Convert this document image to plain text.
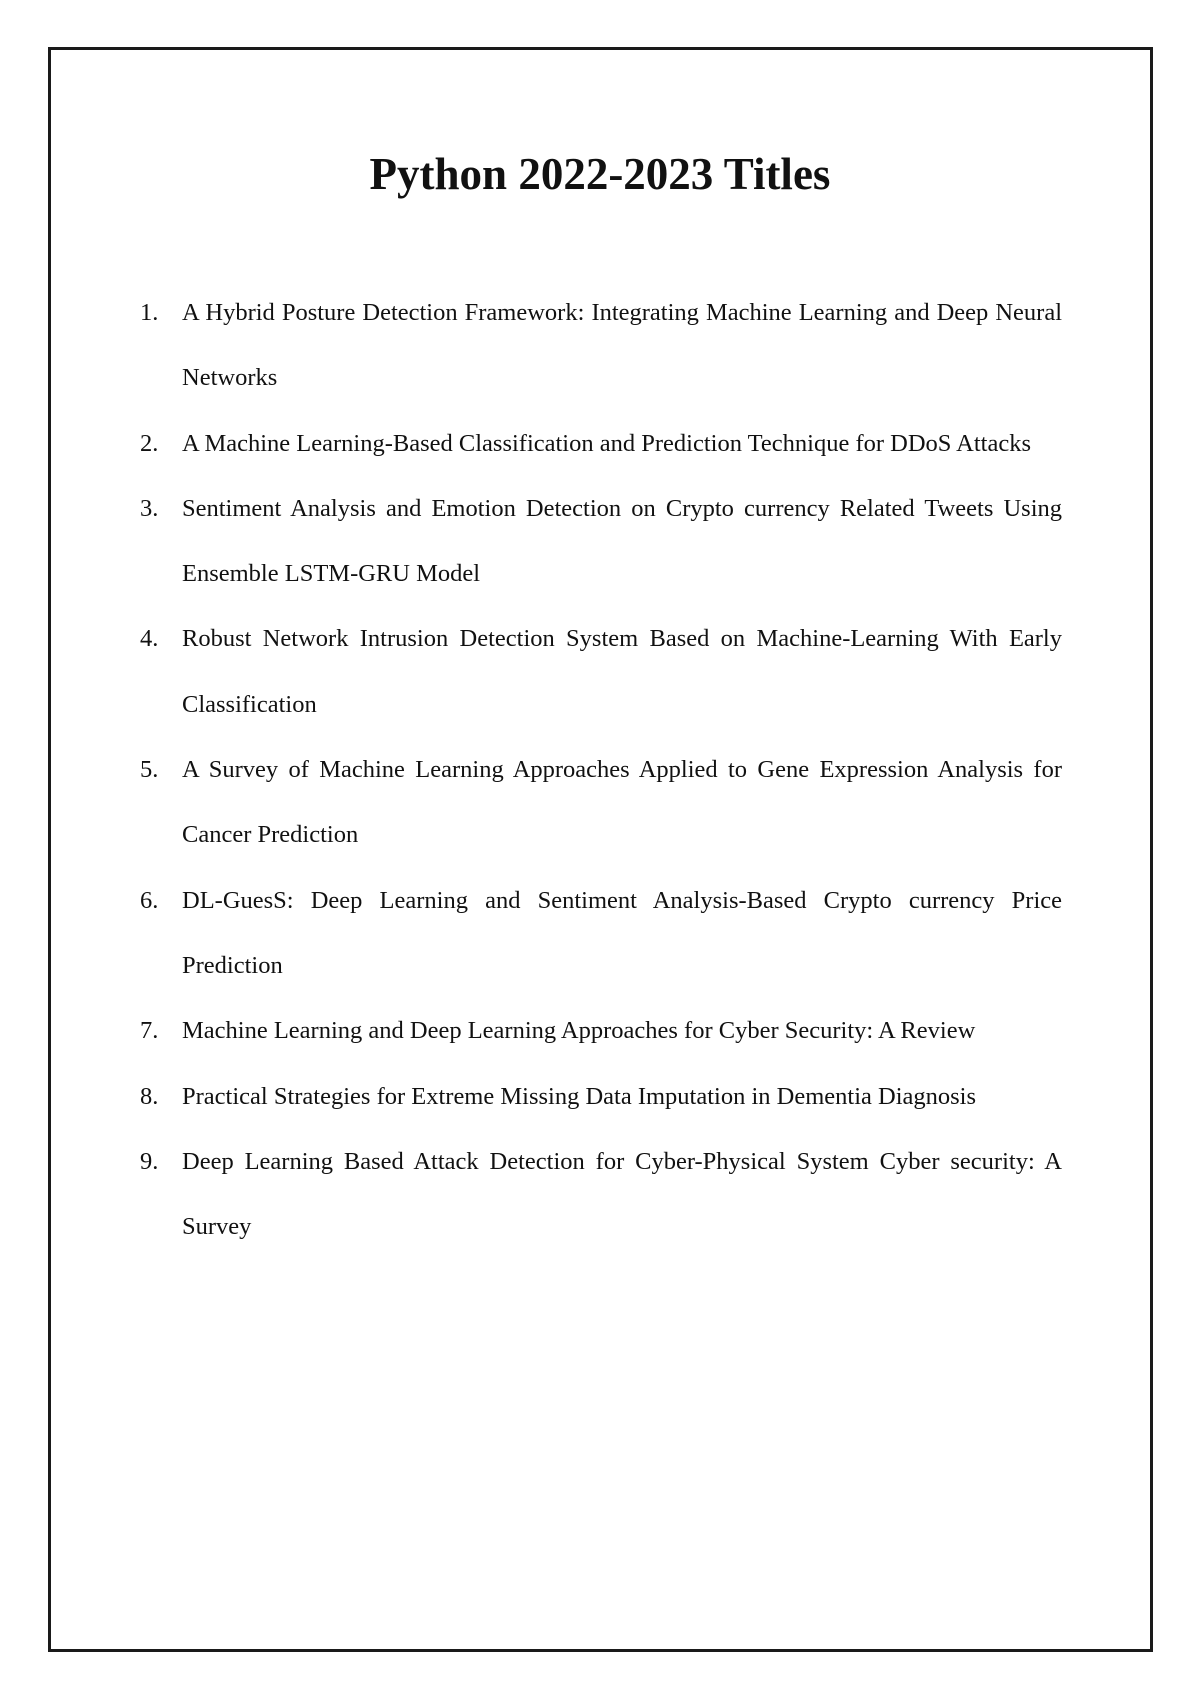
Python 2022-2023 Titles
1. A Hybrid Posture Detection Framework: Integrating Machine Learning and Deep Neural Networks
2. A Machine Learning-Based Classification and Prediction Technique for DDoS Attacks
3. Sentiment Analysis and Emotion Detection on Crypto currency Related Tweets Using Ensemble LSTM-GRU Model
4. Robust Network Intrusion Detection System Based on Machine-Learning With Early Classification
5. A Survey of Machine Learning Approaches Applied to Gene Expression Analysis for Cancer Prediction
6. DL-GuesS: Deep Learning and Sentiment Analysis-Based Crypto currency Price Prediction
7. Machine Learning and Deep Learning Approaches for Cyber Security: A Review
8. Practical Strategies for Extreme Missing Data Imputation in Dementia Diagnosis
9. Deep Learning Based Attack Detection for Cyber-Physical System Cyber security: A Survey
